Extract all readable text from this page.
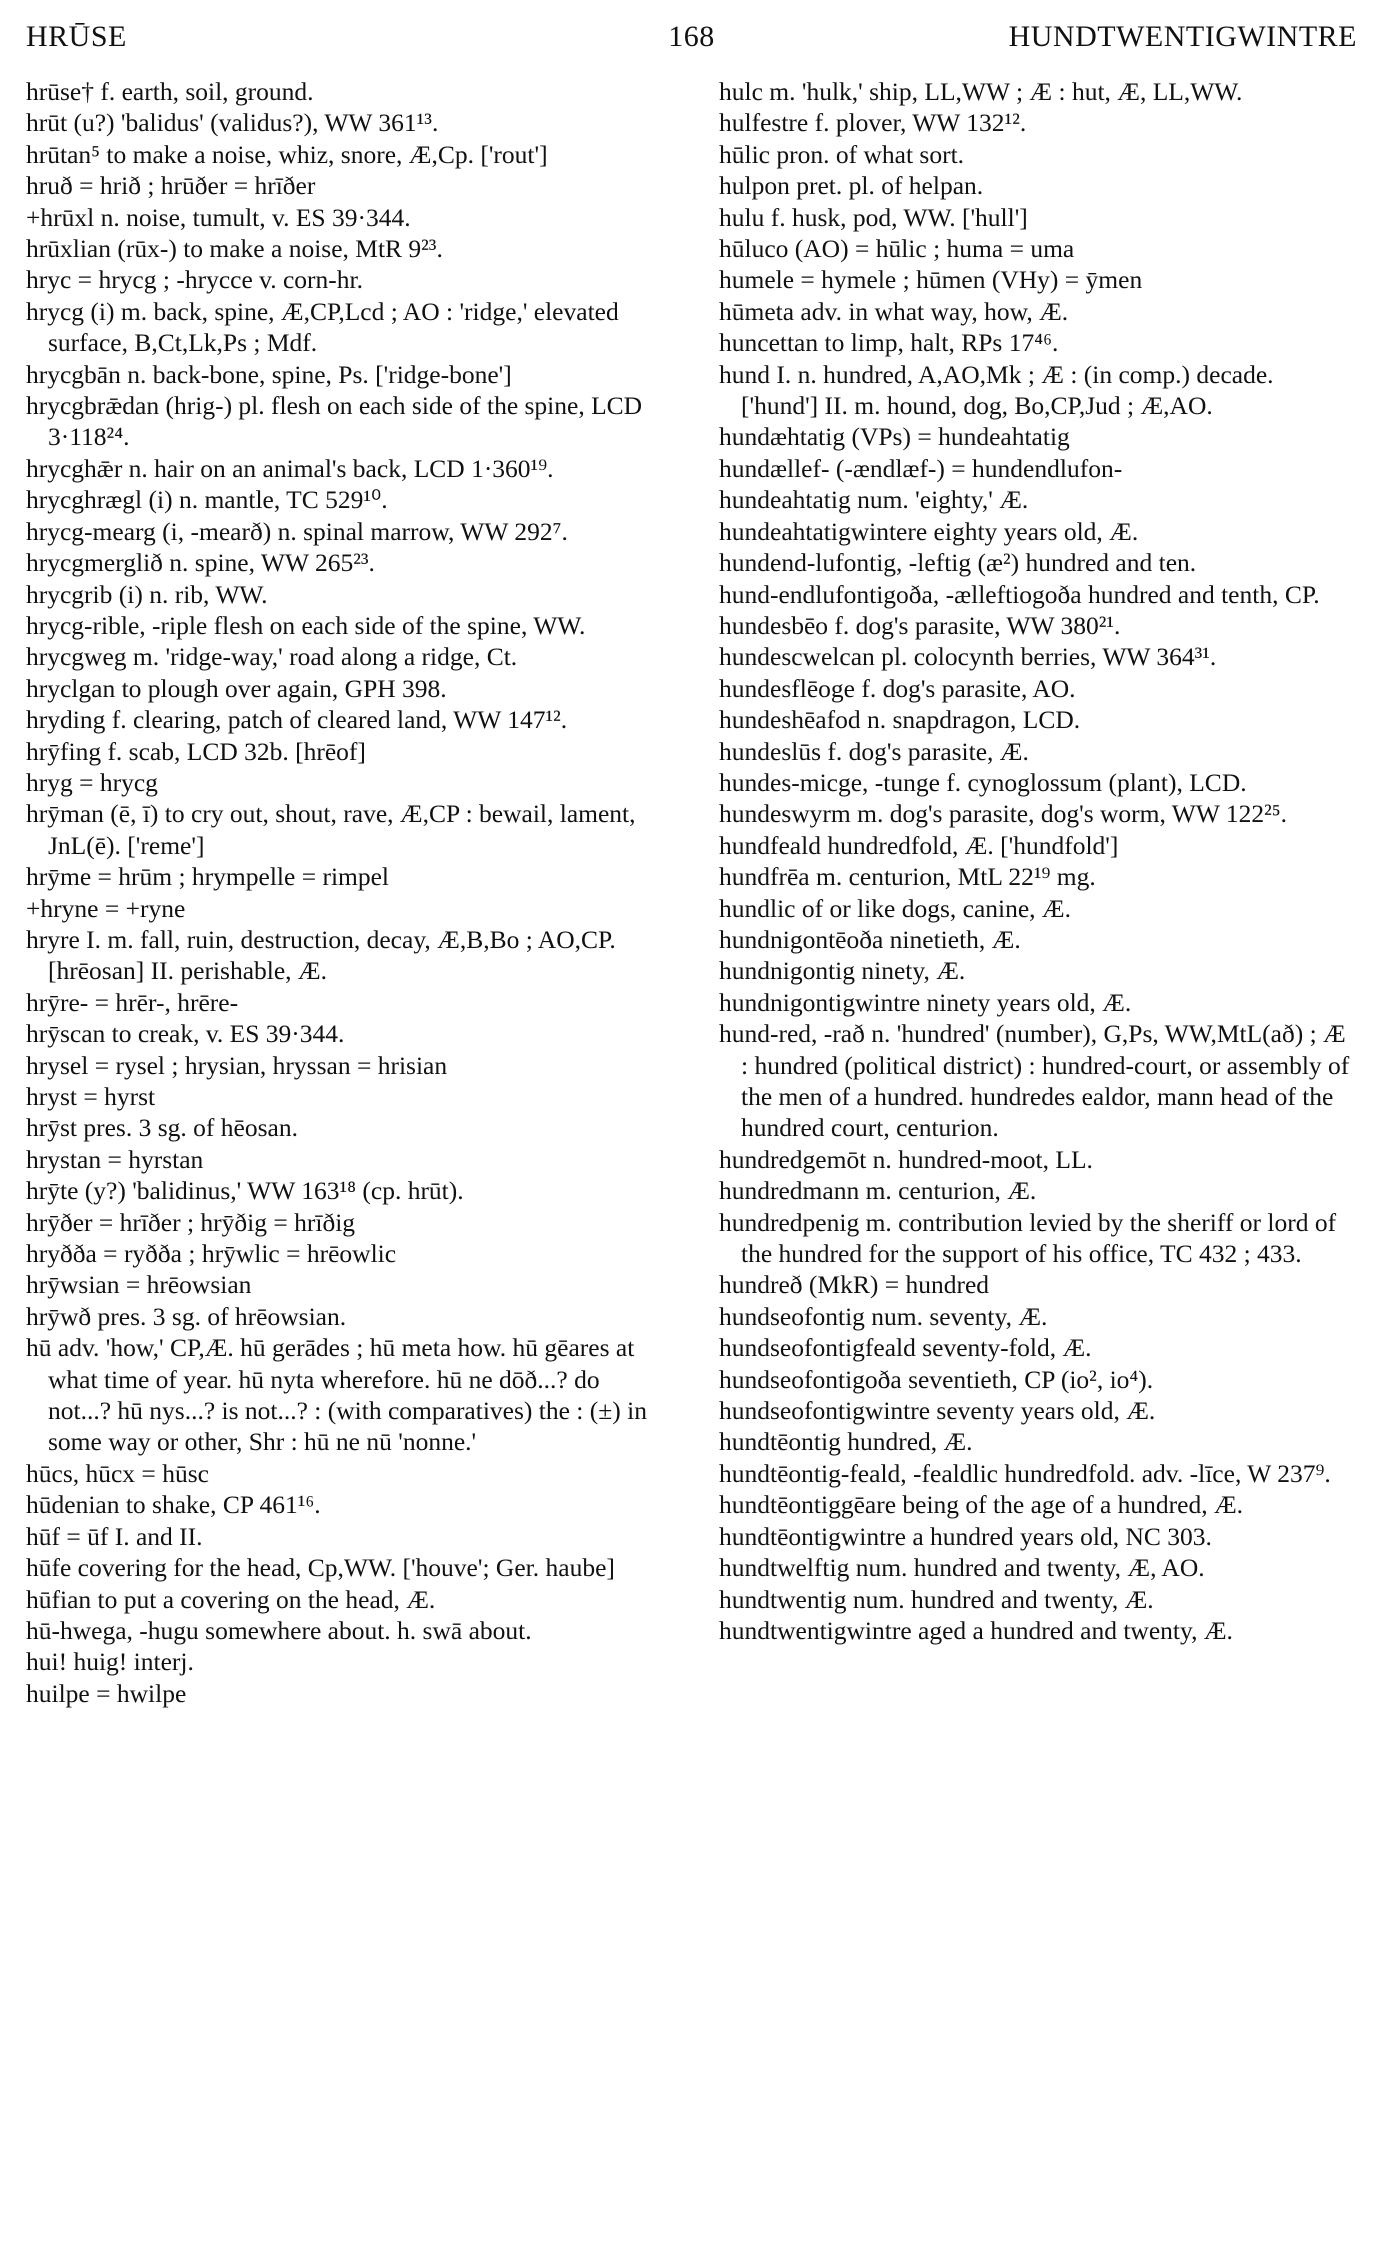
HRŪSE	168	HUNDTWENTIGWINTRE

hrūse† f. earth, soil, ground.

hrūt (u?) 'balidus' (validus?), WW 361¹³.

hrūtan⁵ to make a noise, whiz, snore, Æ,Cp. ['rout']

hruð = hrið ; hrūðer = hrīðer

+hrūxl n. noise, tumult, v. ES 39·344.

hrūxlian (rūx-) to make a noise, MtR 9²³.

hryc = hrycg ; -hrycce v. corn-hr.

hrycg (i) m. back, spine, Æ,CP,Lcd ; AO : 'ridge,' elevated surface, B,Ct,Lk,Ps ; Mdf.

hrycgbān n. back-bone, spine, Ps. ['ridge-bone']

hrycgbrǣdan (hrig-) pl. flesh on each side of the spine, LCD 3·118²⁴.

hrycghǣr n. hair on an animal's back, LCD 1·360¹⁹.

hrycghrægl (i) n. mantle, TC 529¹⁰.

hrycg-mearg (i, -mearð) n. spinal marrow, WW 292⁷.

hrycgmerglið n. spine, WW 265²³.

hrycgrib (i) n. rib, WW.

hrycg-rible, -riple flesh on each side of the spine, WW.

hrycgweg m. 'ridge-way,' road along a ridge, Ct.

hryclgan to plough over again, GPH 398.

hryding f. clearing, patch of cleared land, WW 147¹².

hrȳfing f. scab, LCD 32b. [hrēof]

hryg = hrycg

hrȳman (ē, ī) to cry out, shout, rave, Æ,CP : bewail, lament, JnL(ē). ['reme']

hrȳme = hrūm ; hrympelle = rimpel

+hryne = +ryne

hryre I. m. fall, ruin, destruction, decay, Æ,B,Bo ; AO,CP. [hrēosan] II. perishable, Æ.

hrȳre- = hrēr-, hrēre-

hrȳscan to creak, v. ES 39·344.

hrysel = rysel ; hrysian, hryssan = hrisian

hryst = hyrst

hrȳst pres. 3 sg. of hēosan.

hrystan = hyrstan

hrȳte (y?) 'balidinus,' WW 163¹⁸ (cp. hrūt).

hrȳðer = hrīðer ; hrȳðig = hrīðig

hryðða = ryðða ; hrȳwlic = hrēowlic

hrȳwsian = hrēowsian

hrȳwð pres. 3 sg. of hrēowsian.

hū adv. 'how,' CP,Æ. hū gerādes ; hū meta how. hū gēares at what time of year. hū nyta wherefore. hū ne dōð...? do not...? hū nys...? is not...? : (with comparatives) the : (±) in some way or other, Shr : hū ne nū 'nonne.'

hūcs, hūcx = hūsc

hūdenian to shake, CP 461¹⁶.

hūf = ūf I. and II.

hūfe covering for the head, Cp,WW. ['houve'; Ger. haube]

hūfian to put a covering on the head, Æ.

hū-hwega, -hugu somewhere about. h. swā about.

hui! huig! interj.

huilpe = hwilpe

hulc m. 'hulk,' ship, LL,WW ; Æ : hut, Æ, LL,WW.

hulfestre f. plover, WW 132¹².

hūlic pron. of what sort.

hulpon pret. pl. of helpan.

hulu f. husk, pod, WW. ['hull']

hūluco (AO) = hūlic ; huma = uma

humele = hymele ; hūmen (VHy) = ȳmen

hūmeta adv. in what way, how, Æ.

huncettan to limp, halt, RPs 17⁴⁶.

hund I. n. hundred, A,AO,Mk ; Æ : (in comp.) decade. ['hund'] II. m. hound, dog, Bo,CP,Jud ; Æ,AO.

hundæhtatig (VPs) = hundeahtatig

hundællef- (-ændlæf-) = hundendlufon-

hundeahtatig num. 'eighty,' Æ.

hundeahtatigwintere eighty years old, Æ.

hundend-lufontig, -leftig (æ²) hundred and ten.

hund-endlufontigoða, -ælleftiogoða hundred and tenth, CP.

hundesbēo f. dog's parasite, WW 380²¹.

hundescwelcan pl. colocynth berries, WW 364³¹.

hundesflēoge f. dog's parasite, AO.

hundeshēafod n. snapdragon, LCD.

hundeslūs f. dog's parasite, Æ.

hundes-micge, -tunge f. cynoglossum (plant), LCD.

hundeswyrm m. dog's parasite, dog's worm, WW 122²⁵.

hundfeald hundredfold, Æ. ['hundfold']

hundfrēa m. centurion, MtL 22¹⁹ mg.

hundlic of or like dogs, canine, Æ.

hundnigontēoða ninetieth, Æ.

hundnigontig ninety, Æ.

hundnigontigwintre ninety years old, Æ.

hund-red, -rað n. 'hundred' (number), G,Ps, WW,MtL(að) ; Æ : hundred (political district) : hundred-court, or assembly of the men of a hundred. hundredes ealdor, mann head of the hundred court, centurion.

hundredgemōt n. hundred-moot, LL.

hundredmann m. centurion, Æ.

hundredpenig m. contribution levied by the sheriff or lord of the hundred for the support of his office, TC 432 ; 433.

hundreð (MkR) = hundred

hundseofontig num. seventy, Æ.

hundseofontigfeald seventy-fold, Æ.

hundseofontigoða seventieth, CP (io², io⁴).

hundseofontigwintre seventy years old, Æ.

hundtēontig hundred, Æ.

hundtēontig-feald, -fealdlic hundredfold. adv. -līce, W 237⁹.

hundtēontiggēare being of the age of a hundred, Æ.

hundtēontigwintre a hundred years old, NC 303.

hundtwelftig num. hundred and twenty, Æ, AO.

hundtwentig num. hundred and twenty, Æ.

hundtwentigwintre aged a hundred and twenty, Æ.
